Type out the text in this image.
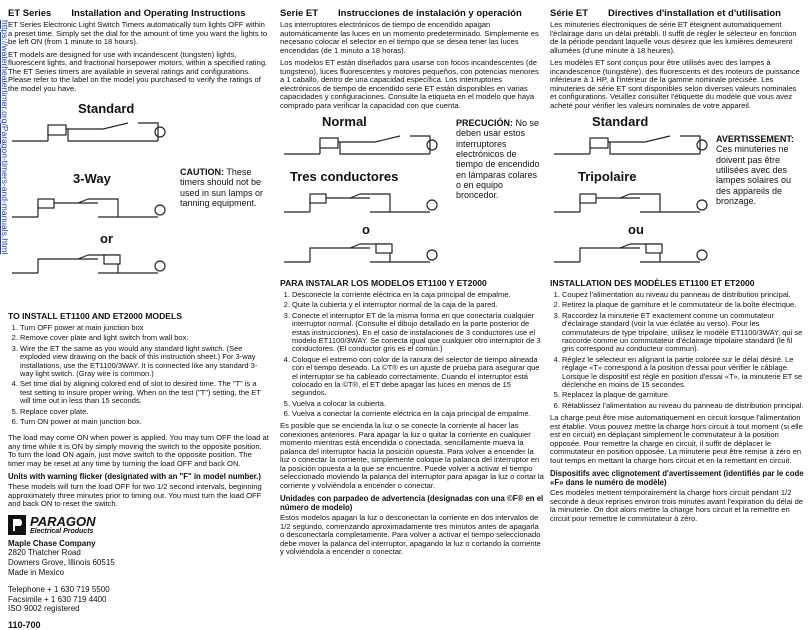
https://waterheatertimer.org/Paragon-timers-and-manuals.html
ET Series Installation and Operating Instructions

ET Series Electronic Light Switch Timers automatically turn lights OFF within a preset time. Simply set the dial for the amount of time you want the lights to be left ON (from 1 minute to 18 hours).

ET models are designed for use with incandescent (tungsten) lights, fluorescent lights, and fractional horsepower motors, within a specified rating. The ET Series timers are available in several ratings and configurations. Please refer to the label on the model you purchased to verify the ratings of the model you have.

Standard
3-Way
or
CAUTION: These timers should not be used in sun lamps or tanning equipment.
TO INSTALL ET1100 AND ET2000 MODELS
1. Turn OFF power at main junction box
2. Remove cover plate and light switch from wall box.
3. Wire the ET the same as you would any standard light switch. (See exploded view drawing on the back of this instruction sheet.) For 3-way installations, use the ET1100/3WAY. It is connected like any standard 3-way light switch. (Gray wire is common.)
4. Set time dial by aligning colored end of slot to desired time. The "T" is a test setting to insure proper wiring. When on the test ("T") setting, the ET will time out in less than 15 seconds.
5. Replace cover plate.
6. Turn ON power at main junction box.

The load may come ON when power is applied. You may turn OFF the load at any time while it is ON by simply moving the switch to the opposite position. To turn the load ON again, just move switch to the opposite position. The timer may be reset at any time by turning the load OFF and back ON.

Units with warning flicker (designated with an "F" in model number.)

These models will turn the load OFF for two 1/2 second intervals, beginning approximately three minutes prior to timing out. You must turn the load OFF and back ON to reset the switch.

PARAGON
Electrical Products
Maple Chase Company
2820 Thatcher Road
Downers Grove, Illinois 60515
Made in Mexico
Telephone + 1 630 719 5500
Facsimile + 1 630 719 4400
ISO 9002 registered
110-700
Serie ET Instrucciones de instalación y operación

Los interruptores electrónicos de tiempo de encendido apagan automáticamente las luces en un momento predeterminado. Simplemente es necesario colocar el selector en el tiempo que se desea tener las luces encendidas (de 1 minuto a 18 horas).

Los modelos ET están diseñados para usarse con focos incandescentes (de tungsteno), luces fluorescentes y motores pequeños, con potencias menores a 1 caballo, dentro de una capacidad específica. Los interruptores electrónicos de tiempo de encendido serie ET están disponibles en varias capacidades y configuraciones. Consulte la etiqueta en el modelo que haya comprado para verificar la capacidad con que cuenta.

Normal
Tres conductores
o
PRECUCIÓN: No se deben usar estos interruptores electrónicos de tiempo de encendido en lámparas colares o en equipo broncedor.
PARA INSTALAR LOS MODELOS ET1100 Y ET2000
1. Desconecte la corriente eléctrica en la caja principal de empalme.
2. Quite la cubierta y el interruptor normal de la caja de la pared.
3. Conecte el interruptor ET de la misma forma en que conectaría cualquier interruptor normal. (Consulte el dibujo detallado en la parte posterior de estas instrucciones). En el caso de instalaciones de 3 conductores use el modelo ET1100/3WAY. Se conecta igual que cualquier otro interruptor de 3 conductores. (El conductor gris es el común.)
4. Coloque el extremo con color de la ranura del selector de tiempo alineada con el tiempo deseado. La ©T® es un ajuste de prueba para asegurar que el interruptor se ha cableado correctamente. Cuando el interruptor está colocado en la ©T®, el ET debe apagar las luces en menos de 15 segundos.
5. Vuelva a colocar la cubierta.
6. Vuelva a conectar la corriente eléctrica en la caja principal de empalme.

Es posible que se encienda la luz o se conecte la corriente al hacer las conexiones anteriores. Para apagar la luz o quitar la corriente en cualquier momento mientras está encendida o conectada, sencillamente mueva la palanca del interruptor hacia la posición opuesta. Para volver a encender la luz o conectar la corriente, simplemente coloque la palanca del interruptor en la posición opuesta a la que se encuentre. Puede volver a activar el tiempo seleccionado moviendo la palanca del interruptor para apagar la luz o cortar la corriente y volviéndola a encender o conectar.

Unidades con parpadeo de advertencia (designadas con una ©F® en el número de modelo)

Estos modelos apagan la luz o desconectan la corriente en dos intervalos de 1/2 segundo, comenzando aproximadamente tres minutos antes de apagarla o desconectarla completamente. Para volver a activar el tiempo seleccionado debe mover la palanca del interruptor, apagando la luz o cortando la corriente y volviéndola a encender o conectar.

Série ET Directives d'installation et d'utilisation

Les minuteries électroniques de série ET éteignent automatiquement l'éclairage dans un délai prétabli. Il suffit de régler le sélecteur en fonction de la période pendant laquelle vous désirez que les lumières demeurent allumées (d'une minute à 18 heures).

Les modèles ET sont conçus pour être utilisés avec des lampes à incandescence (tungstène), des fluorescents et des moteurs de puissance inférieure à 1 HP, à l'intérieur de la gamme nominale précisée. Les minuteries de série ET sont disponibles selon diverses valeurs nominales et configurations. Veuillez consulter l'étiquette du modèle que vous avez acheté pour vérifier les valeurs nominales de votre appareil.

Standard
Tripolaire
ou
AVERTISSEMENT: Ces minuteries ne doivent pas être utilisées avec des lampes solaires ou des appareils de bronzage.
INSTALLATION DES MODÈLES ET1100 ET ET2000
1. Coupez l'alimentation au niveau du panneau de distribution principal.
2. Retirez la plaque de garniture et le commutateur de la boîte électrique.
3. Raccordez la minuterie ET exactement comme un commutateur d'éclairage standard (voir la vue éclatée au verso). Pour les commutateurs de type tripolaire, utilisez le modèle ET1100/3WAY, qui se raccorde comme un commutateur d'éclairage tripolaire standard (le fil gris correspond au conducteur commun).
4. Réglez le sélecteur en alignant la partie colorée sur le délai désiré. Le réglage «T» correspond à la position d'essai pour vérifier le câblage. Lorsque le dispositif est réglé en position d'essai «T», la minuterie ET se déclenche en moins de 15 secondes.
5. Replacez la plaque de garniture.
6. Rétablissez l'alimentation au niveau du panneau de distribution principal.

La charge peut être mise automatiquement en circuit lorsque l'alimentation est établie. Vous pouvez mettre la charge hors circuit à tout moment (si elle est en circuit) en déplaçant simplement le commutateur à la position opposée. Pour remettre la charge en circuit, il suffit de déplacer le commutateur en position opposée. La minuterie peut être remise à zéro en tout temps en mettant la charge hors circuit et en la remettant en circuit.

Dispositifs avec clignotement d'avertissement (identifiés par le code «F» dans le numéro de modèle)

Ces modèles mettent temporairement la charge hors circuit pendant 1/2 seconde à deux reprises environ trois minutes avant l'expiration du délai de la minuterie. On doit alors mettre la charge hors circuit et la remettre en circuit pour remettre le commutateur à zéro.
